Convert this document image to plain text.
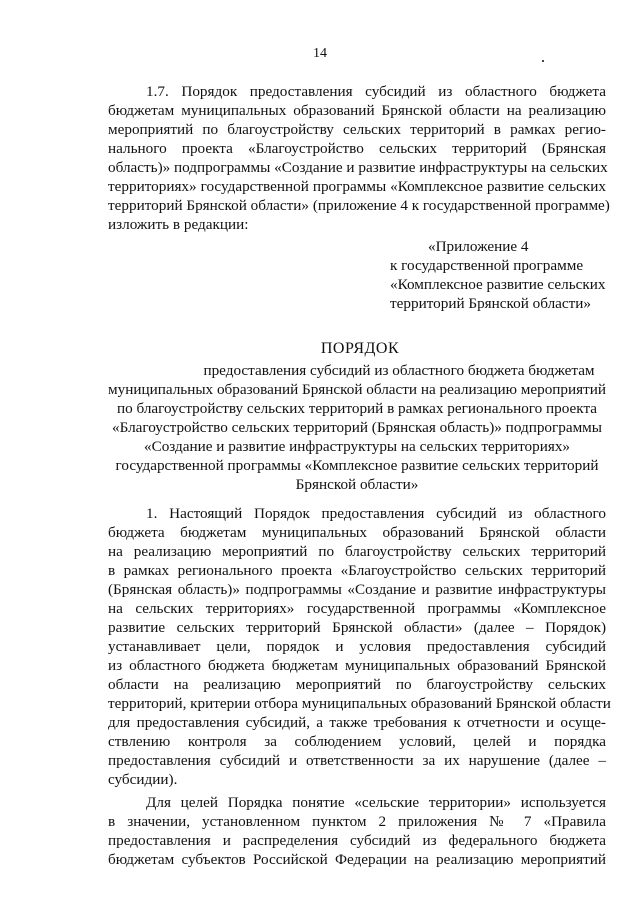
14
1.7. Порядок предоставления субсидий из областного бюджета
бюджетам муниципальных образований Брянской области на реализацию
мероприятий по благоустройству сельских территорий в рамках регио-
нального проекта «Благоустройство сельских территорий (Брянская
область)» подпрограммы «Создание и развитие инфраструктуры на сельских
территориях» государственной программы «Комплексное развитие сельских
территорий Брянской области» (приложение 4 к государственной программе)
изложить в редакции:
«Приложение 4
к государственной программе
«Комплексное развитие сельских
территорий Брянской области»
ПОРЯДОК
предоставления субсидий из областного бюджета бюджетам
муниципальных образований Брянской области на реализацию мероприятий
по благоустройству сельских территорий в рамках регионального проекта
«Благоустройство сельских территорий (Брянская область)» подпрограммы
«Создание и развитие инфраструктуры на сельских территориях»
государственной программы «Комплексное развитие сельских территорий
Брянской области»
1. Настоящий Порядок предоставления субсидий из областного
бюджета бюджетам муниципальных образований Брянской области
на реализацию мероприятий по благоустройству сельских территорий
в рамках регионального проекта «Благоустройство сельских территорий
(Брянская область)» подпрограммы «Создание и развитие инфраструктуры
на сельских территориях» государственной программы «Комплексное
развитие сельских территорий Брянской области» (далее – Порядок)
устанавливает цели, порядок и условия предоставления субсидий
из областного бюджета бюджетам муниципальных образований Брянской
области на реализацию мероприятий по благоустройству сельских
территорий, критерии отбора муниципальных образований Брянской области
для предоставления субсидий, а также требования к отчетности и осуще-
ствлению контроля за соблюдением условий, целей и порядка
предоставления субсидий и ответственности за их нарушение (далее –
субсидии).
Для целей Порядка понятие «сельские территории» используется
в значении, установленном пунктом 2 приложения № 7 «Правила
предоставления и распределения субсидий из федерального бюджета
бюджетам субъектов Российской Федерации на реализацию мероприятий
